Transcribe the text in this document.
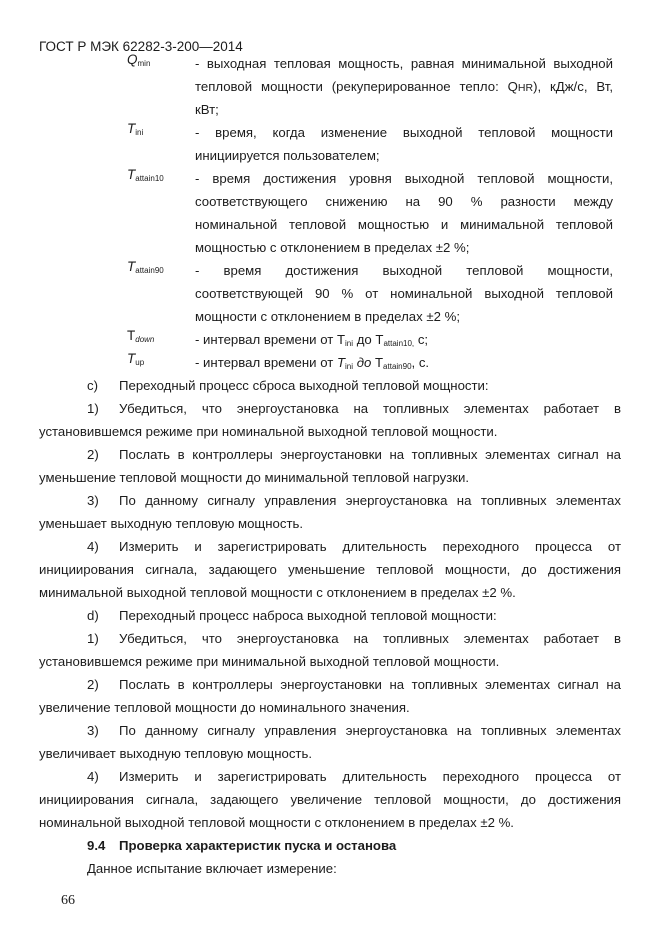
ГОСТ Р МЭК 62282-3-200—2014
$Q_{min}$	- выходная тепловая мощность, равная минимальной выходной
тепловой мощности (рекуперированное тепло: QHR), кДж/с, Вт,
кВт;
$T_{ini}$	- время, когда изменение выходной тепловой мощности
инициируется пользователем;
$T_{attain10}$ - время достижения уровня выходной тепловой мощности,
соответствующего снижению на 90 % разности между
номинальной тепловой мощностью и минимальной тепловой
мощностью с отклонением в пределах ±2 %;
$T_{attain90}$ - время достижения выходной тепловой мощности,
соответствующей 90 % от номинальной выходной тепловой
мощности с отклонением в пределах ±2 %;
$T_{down}$	- интервал времени от $T_{ini}$ до $T_{attain10,}$ с;
$T_{up}$	- интервал времени от $T_{ini}$ до $T_{attain90}$, с.
c) Переходный процесс сброса выходной тепловой мощности:
1) Убедиться, что энергоустановка на топливных элементах работает в
установившемся режиме при номинальной выходной тепловой мощности.
2) Послать в контроллеры энергоустановки на топливных элементах сигнал на
уменьшение тепловой мощности до минимальной тепловой нагрузки.
3) По данному сигналу управления энергоустановка на топливных элементах
уменьшает выходную тепловую мощность.
4) Измерить и зарегистрировать длительность переходного процесса от
инициирования сигнала, задающего уменьшение тепловой мощности, до достижения
минимальной выходной тепловой мощности с отклонением в пределах ±2 %.
d) Переходный процесс наброса выходной тепловой мощности:
1) Убедиться, что энергоустановка на топливных элементах работает в
установившемся режиме при минимальной выходной тепловой мощности.
2) Послать в контроллеры энергоустановки на топливных элементах сигнал на
увеличение тепловой мощности до номинального значения.
3) По данному сигналу управления энергоустановка на топливных элементах
увеличивает выходную тепловую мощность.
4) Измерить и зарегистрировать длительность переходного процесса от
инициирования сигнала, задающего увеличение тепловой мощности, до достижения
номинальной выходной тепловой мощности с отклонением в пределах ±2 %.
9.4 Проверка характеристик пуска и останова
Данное испытание включает измерение:
66
